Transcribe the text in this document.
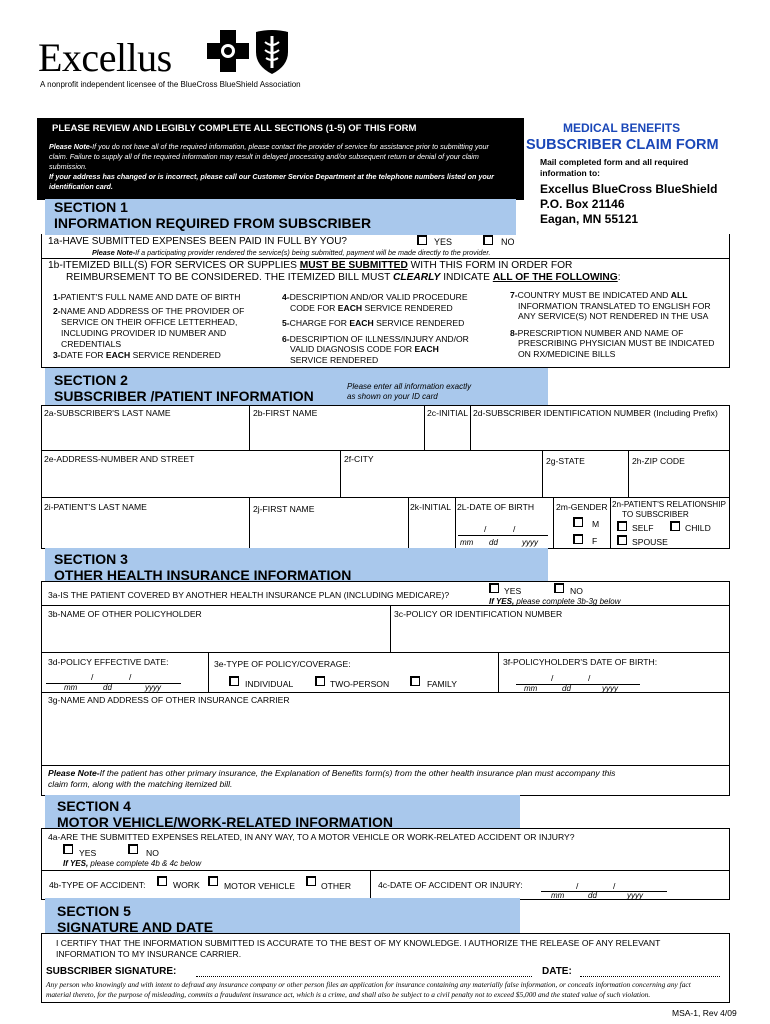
Excellus
A nonprofit independent licensee of the BlueCross BlueShield Association
PLEASE REVIEW AND LEGIBLY COMPLETE ALL SECTIONS (1-5) OF THIS FORM
Please Note-If you do not have all of the required information, please contact the provider of service for assistance prior to submitting your
claim. Failure to supply all of the required information may result in delayed processing and/or subsequent return or denial of your claim
submission.
If your address has changed or is incorrect, please call our Customer Service Department at the telephone numbers listed on your
identification card.
MEDICAL BENEFITS
SUBSCRIBER CLAIM FORM
Mail completed form and all required
information to:
Excellus BlueCross BlueShield
P.O. Box 21146
Eagan, MN 55121
SECTION 1
INFORMATION REQUIRED FROM SUBSCRIBER
1a-HAVE SUBMITTED EXPENSES BEEN PAID IN FULL BY YOU?	YES	NO
Please Note-If a participating provider rendered the service(s) being submitted, payment will be made directly to the provider.
1b-ITEMIZED BILL(S) FOR SERVICES OR SUPPLIES MUST BE SUBMITTED WITH THIS FORM IN ORDER FOR
REIMBURSEMENT TO BE CONSIDERED. THE ITEMIZED BILL MUST CLEARLY INDICATE ALL OF THE FOLLOWING:
1-PATIENT'S FULL NAME AND DATE OF BIRTH

2-NAME AND ADDRESS OF THE PROVIDER OF
SERVICE ON THEIR OFFICE LETTERHEAD,
INCLUDING PROVIDER ID NUMBER AND
CREDENTIALS
3-DATE FOR EACH SERVICE RENDERED
4-DESCRIPTION AND/OR VALID PROCEDURE
CODE FOR EACH SERVICE RENDERED

5-CHARGE FOR EACH SERVICE RENDERED

6-DESCRIPTION OF ILLNESS/INJURY AND/OR
VALID DIAGNOSIS CODE FOR EACH
SERVICE RENDERED
7-COUNTRY MUST BE INDICATED AND ALL
INFORMATION TRANSLATED TO ENGLISH FOR
ANY SERVICE(S) NOT RENDERED IN THE USA

8-PRESCRIPTION NUMBER AND NAME OF
PRESCRIBING PHYSICIAN MUST BE INDICATED
ON RX/MEDICINE BILLS
SECTION 2
SUBSCRIBER /PATIENT INFORMATION
Please enter all information exactly
as shown on your ID card
2a-SUBSCRIBER'S LAST NAME	2b-FIRST NAME	2c-INITIAL 2d-SUBSCRIBER IDENTIFICATION NUMBER (Including Prefix)
2e-ADDRESS-NUMBER AND STREET	2f-CITY	2g-STATE	2h-ZIP CODE
2i-PATIENT'S LAST NAME	2j-FIRST NAME	2k-INITIAL 2L-DATE OF BIRTH
/	/
mm dd	yyyy
2m-GENDER
M
F
2n-PATIENT'S RELATIONSHIP
TO SUBSCRIBER
SELF	CHILD
SPOUSE
SECTION 3
OTHER HEALTH INSURANCE INFORMATION
3a-IS THE PATIENT COVERED BY ANOTHER HEALTH INSURANCE PLAN (INCLUDING MEDICARE)?	YES	NO
If YES, please complete 3b-3g below
3b-NAME OF OTHER POLICYHOLDER	3c-POLICY OR IDENTIFICATION NUMBER
3d-POLICY EFFECTIVE DATE:
/	/
mm	dd	yyyy
3e-TYPE OF POLICY/COVERAGE:
INDIVIDUAL	TWO-PERSON	FAMILY
3f-POLICYHOLDER'S DATE OF BIRTH:
/	/
mm	dd	yyyy
3g-NAME AND ADDRESS OF OTHER INSURANCE CARRIER
Please Note-If the patient has other primary insurance, the Explanation of Benefits form(s) from the other health insurance plan must accompany this
claim form, along with the matching itemized bill.
SECTION 4
MOTOR VEHICLE/WORK-RELATED INFORMATION
4a-ARE THE SUBMITTED EXPENSES RELATED, IN ANY WAY, TO A MOTOR VEHICLE OR WORK-RELATED ACCIDENT OR INJURY?
YES	NO
If YES, please complete 4b & 4c below
4b-TYPE OF ACCIDENT:	WORK	MOTOR VEHICLE	OTHER	4c-DATE OF ACCIDENT OR INJURY:	/	/
mm	dd	yyyy
SECTION 5
SIGNATURE AND DATE
I CERTIFY THAT THE INFORMATION SUBMITTED IS ACCURATE TO THE BEST OF MY KNOWLEDGE. I AUTHORIZE THE RELEASE OF ANY RELEVANT
INFORMATION TO MY INSURANCE CARRIER.
SUBSCRIBER SIGNATURE:	DATE:
Any person who knowingly and with intent to defraud any insurance company or other person files an application for insurance containing any materially false information, or conceals information concerning any fact
material thereto, for the purpose of misleading, commits a fraudulent insurance act, which is a crime, and shall also be subject to a civil penalty not to exceed $5,000 and the stated value of such violation.
MSA-1, Rev 4/09
